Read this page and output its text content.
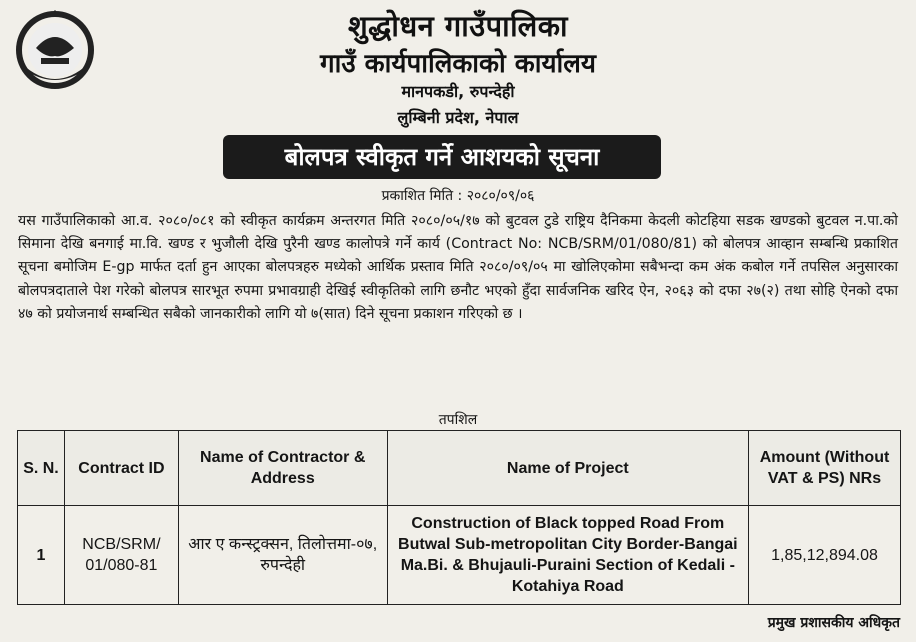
शुद्धोधन गाउँपालिका
गाउँ कार्यपालिकाको कार्यालय
मानपकडी, रुपन्देही
लुम्बिनी प्रदेश, नेपाल
बोलपत्र स्वीकृत गर्ने आशयको सूचना
प्रकाशित मिति : २०८०/०९/०६

यस गाउँपालिकाको आ.व. २०८०/०८१ को स्वीकृत कार्यक्रम अन्तरगत मिति २०८०/०५/१७ को बुटवल टुडे राष्ट्रिय दैनिकमा केदली कोटहिया सडक खण्डको बुटवल न.पा.को सिमाना देखि बनगाई मा.वि. खण्ड र भुजौली देखि पुरैनी खण्ड कालोपत्रे गर्ने कार्य (Contract No: NCB/SRM/01/080/81) को बोलपत्र आव्हान सम्बन्धि प्रकाशित सूचना बमोजिम E-gp मार्फत दर्ता हुन आएका बोलपत्रहरु मध्येको आर्थिक प्रस्ताव मिति २०८०/०९/०५ मा खोलिएकोमा सबैभन्दा कम अंक कबोल गर्ने तपसिल अनुसारका बोलपत्रदाताले पेश गरेको बोलपत्र सारभूत रुपमा प्रभावग्राही देखिई स्वीकृतिको लागि छनौट भएको हुँदा सार्वजनिक खरिद ऐन, २०६३ को दफा २७(२) तथा सोहि ऐनको दफा ४७ को प्रयोजनार्थ सम्बन्धित सबैको जानकारीको लागि यो ७(सात) दिने सूचना प्रकाशन गरिएको छ ।

तपशिल
S. N.	Contract ID	Name of Contractor & Address	Name of Project	Amount (Without VAT & PS) NRs
1	NCB/SRM/ 01/080-81	आर ए कन्स्ट्रक्सन, तिलोत्तमा-०७, रुपन्देही	Construction of Black topped Road From Butwal Sub-metropolitan City Border-Bangai Ma.Bi. & Bhujauli-Puraini Section of Kedali -Kotahiya Road	1,85,12,894.08
प्रमुख प्रशासकीय अधिकृत
